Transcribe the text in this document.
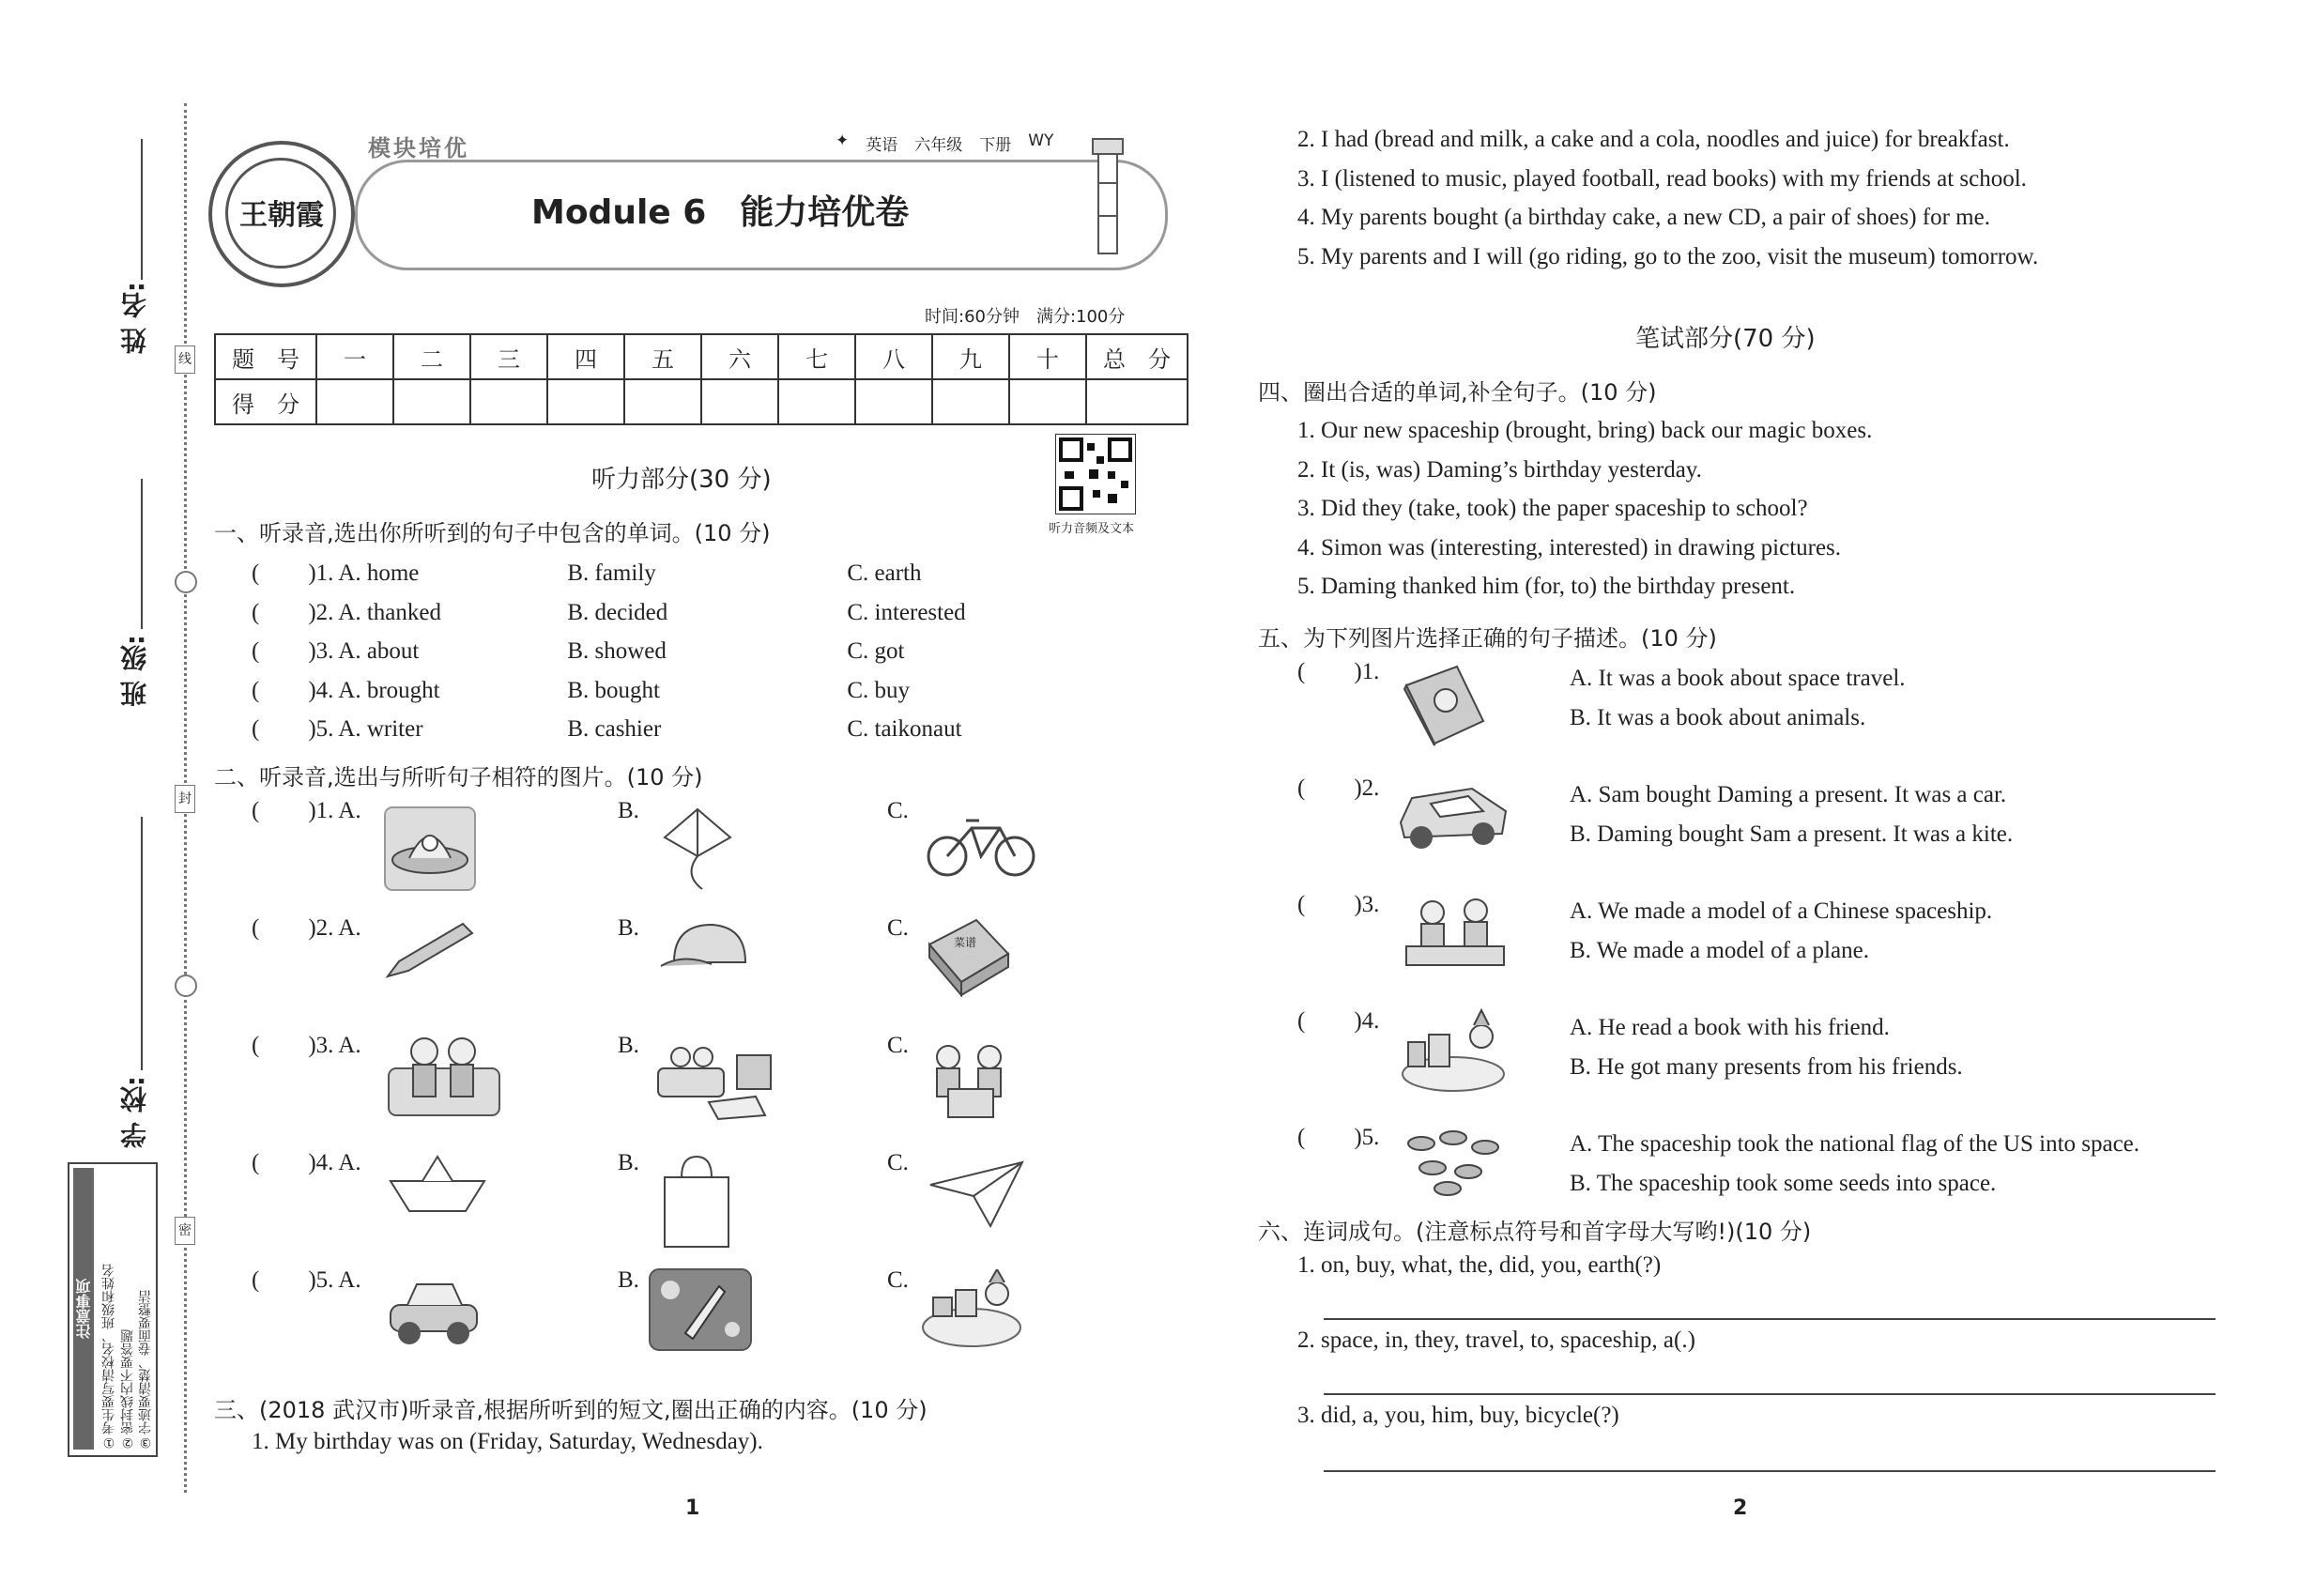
线
封
密
姓 名:
班 级:
学 校:
注意事项 ①考生要写清校名、班级和姓名 ②密封线内不要答题 ③字迹要清楚、卷面要整洁
王朝霞
模块培优	✦ 英语 六年级 下册 WY
Module 6　能力培优卷
时间:60分钟　满分:100分
题　号	一	二	三	四	五	六	七	八	九	十	总　分
得　分											
听力部分(30 分)
听力音频及文本
一、听录音,选出你所听到的句子中包含的单词。(10 分)
(	)1. A. home	B. family	C. earth
(	)2. A. thanked	B. decided	C. interested
(	)3. A. about	B. showed	C. got
(	)4. A. brought	B. bought	C. buy
(	)5. A. writer	B. cashier	C. taikonaut
二、听录音,选出与所听句子相符的图片。(10 分)
( )1. A.	B.	C.
( )2. A.	B.	C.
( )3. A.	B.	C.
( )4. A.	B.	C.
( )5. A.	B.	C.
菜谱
三、(2018 武汉市)听录音,根据所听到的短文,圈出正确的内容。(10 分)
1. My birthday was on (Friday, Saturday, Wednesday).
1
2. I had (bread and milk, a cake and a cola, noodles and juice) for breakfast.
3. I (listened to music, played football, read books) with my friends at school.
4. My parents bought (a birthday cake, a new CD, a pair of shoes) for me.
5. My parents and I will (go riding, go to the zoo, visit the museum) tomorrow.
笔试部分(70 分)
四、圈出合适的单词,补全句子。(10 分)
1. Our new spaceship (brought, bring) back our magic boxes.
2. It (is, was) Daming’s birthday yesterday.
3. Did they (take, took) the paper spaceship to school?
4. Simon was (interesting, interested) in drawing pictures.
5. Daming thanked him (for, to) the birthday present.
五、为下列图片选择正确的句子描述。(10 分)
( )1.	A. It was a book about space travel.
B. It was a book about animals.
( )2.	A. Sam bought Daming a present. It was a car.
B. Daming bought Sam a present. It was a kite.
( )3.	A. We made a model of a Chinese spaceship.
B. We made a model of a plane.
( )4.	A. He read a book with his friend.
B. He got many presents from his friends.
( )5.	A. The spaceship took the national flag of the US into space.
B. The spaceship took some seeds into space.
六、连词成句。(注意标点符号和首字母大写哟!)(10 分)
1. on, buy, what, the, did, you, earth(?)
2. space, in, they, travel, to, spaceship, a(.)
3. did, a, you, him, buy, bicycle(?)
2
